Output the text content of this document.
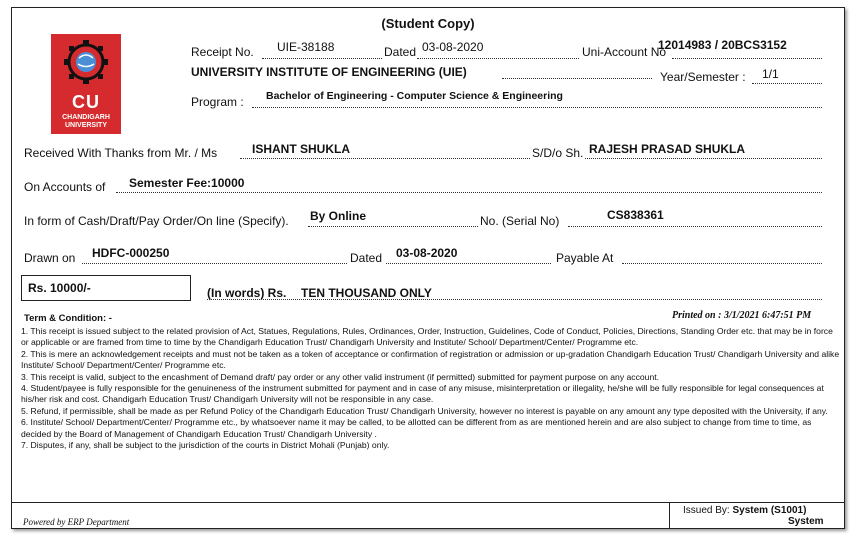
(Student Copy)
CU
CHANDIGARH
UNIVERSITY
Receipt No. UIE-38188	Dated 03-08-2020	Uni-Account No
12014983 / 20BCS3152
UNIVERSITY INSTITUTE OF ENGINEERING (UIE)	Year/Semester : 1/1
Program : Bachelor of Engineering - Computer Science & Engineering
Received With Thanks from Mr. / Ms	ISHANT SHUKLA	S/D/o Sh. RAJESH PRASAD SHUKLA
On Accounts of Semester Fee:10000
In form of Cash/Draft/Pay Order/On line (Specify). By Online	No. (Serial No)	CS838361
Drawn on HDFC-000250	Dated 03-08-2020	Payable At
Rs. 10000/-	(In words) Rs. TEN THOUSAND ONLY
Term & Condition: -	Printed on : 3/1/2021 6:47:51 PM

1. This receipt is issued subject to the related provision of Act, Statues, Regulations, Rules, Ordinances, Order, Instruction, Guidelines, Code of Conduct, Policies, Directions, Standing Order etc. that may be in force or applicable or are framed from time to time by the Chandigarh Education Trust/ Chandigarh University and Institute/ School/ Department/Center/ Programme etc.

2. This is mere an acknowledgement receipts and must not be taken as a token of acceptance or confirmation of registration or admission or up-gradation Chandigarh Education Trust/ Chandigarh University and alike Institute/ School/ Department/Center/ Programme etc.

3. This receipt is valid, subject to the encashment of Demand draft/ pay order or any other valid instrument (if permitted) submitted for payment purpose on any account.

4. Student/payee is fully responsible for the genuineness of the instrument submitted for payment and in case of any misuse, misinterpretation or illegality, he/she will be fully responsible for legal consequences at his/her risk and cost. Chandigarh Education Trust/ Chandigarh University will not be responsible in any case.

5. Refund, if permissible, shall be made as per Refund Policy of the Chandigarh Education Trust/ Chandigarh University, however no interest is payable on any amount any type deposited with the University, if any.

6. Institute/ School/ Department/Center/ Programme etc., by whatsoever name it may be called, to be allotted can be different from as are mentioned herein and are also subject to change from time to time, as decided by the Board of Management of Chandigarh Education Trust/ Chandigarh University .

7. Disputes, if any, shall be subject to the jurisdiction of the courts in District Mohali (Punjab) only.

Powered by ERP Department
Issued By: System (S1001)
System
